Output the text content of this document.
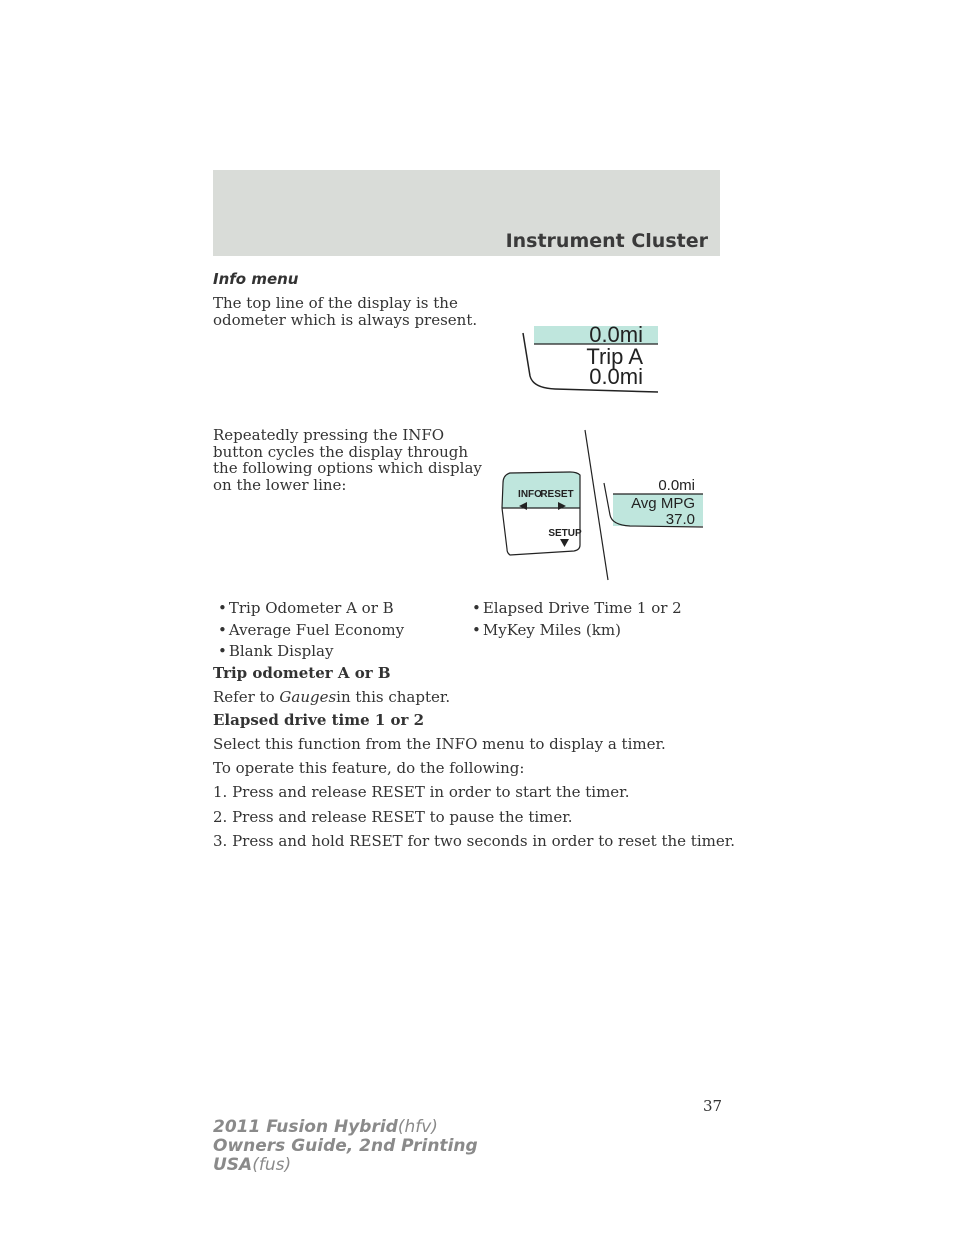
Instrument Cluster
Info menu
The top line of the display is the odometer which is always present.
0.0mi
Trip A
0.0mi
Repeatedly pressing the INFO button cycles the display through the following options which display on the lower line:
INFO
RESET
SETUP
0.0mi
Avg MPG
37.0
• Trip Odometer A or B
• Average Fuel Economy
• Blank Display
• Elapsed Drive Time 1 or 2
• MyKey Miles (km)
Trip odometer A or B
Refer to Gaugesin this chapter.
Elapsed drive time 1 or 2
Select this function from the INFO menu to display a timer.
To operate this feature, do the following:
1. Press and release RESET in order to start the timer.
2. Press and release RESET to pause the timer.
3. Press and hold RESET for two seconds in order to reset the timer.
37
2011 Fusion Hybrid(hfv)
Owners Guide, 2nd Printing
USA(fus)
